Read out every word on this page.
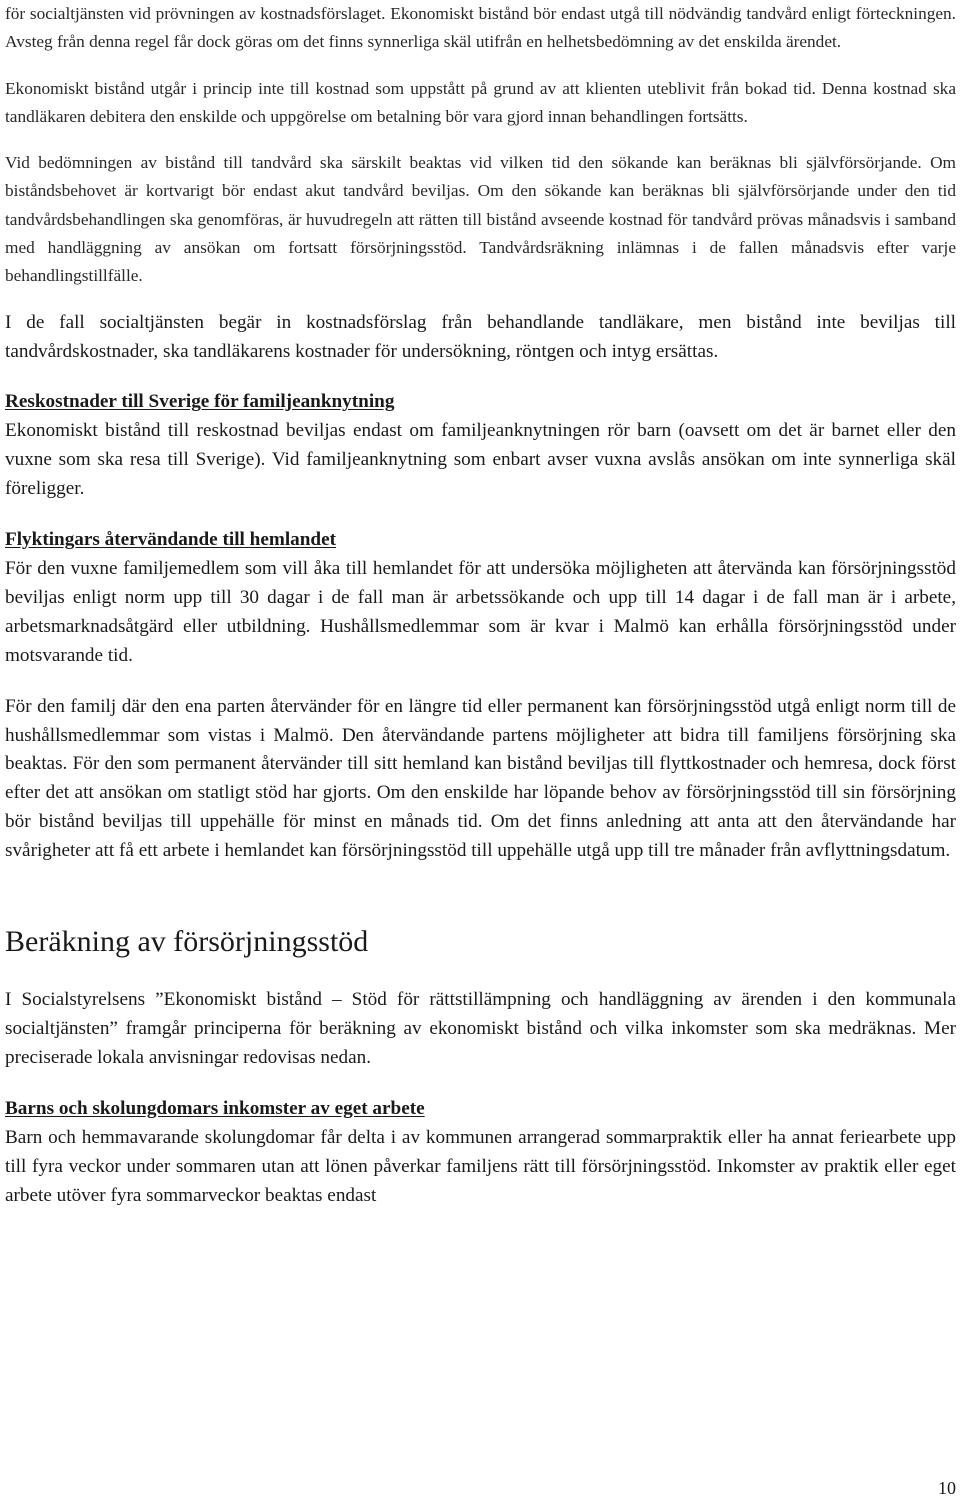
för socialtjänsten vid prövningen av kostnadsförslaget. Ekonomiskt bistånd bör endast utgå till nödvändig tandvård enligt förteckningen. Avsteg från denna regel får dock göras om det finns synnerliga skäl utifrån en helhetsbedömning av det enskilda ärendet.

Ekonomiskt bistånd utgår i princip inte till kostnad som uppstått på grund av att klienten uteblivit från bokad tid. Denna kostnad ska tandläkaren debitera den enskilde och uppgörelse om betalning bör vara gjord innan behandlingen fortsätts.

Vid bedömningen av bistånd till tandvård ska särskilt beaktas vid vilken tid den sökande kan beräknas bli självförsörjande. Om biståndsbehovet är kortvarigt bör endast akut tandvård beviljas. Om den sökande kan beräknas bli självförsörjande under den tid tandvårdsbehandlingen ska genomföras, är huvudregeln att rätten till bistånd avseende kostnad för tandvård prövas månadsvis i samband med handläggning av ansökan om fortsatt försörjningsstöd. Tandvårdsräkning inlämnas i de fallen månadsvis efter varje behandlingstillfälle.

I de fall socialtjänsten begär in kostnadsförslag från behandlande tandläkare, men bistånd inte beviljas till tandvårdskostnader, ska tandläkarens kostnader för undersökning, röntgen och intyg ersättas.

Reskostnader till Sverige för familjeanknytning

Ekonomiskt bistånd till reskostnad beviljas endast om familjeanknytningen rör barn (oavsett om det är barnet eller den vuxne som ska resa till Sverige). Vid familjeanknytning som enbart avser vuxna avslås ansökan om inte synnerliga skäl föreligger.

Flyktingars återvändande till hemlandet

För den vuxne familjemedlem som vill åka till hemlandet för att undersöka möjligheten att återvända kan försörjningsstöd beviljas enligt norm upp till 30 dagar i de fall man är arbetssökande och upp till 14 dagar i de fall man är i arbete, arbetsmarknadsåtgärd eller utbildning. Hushållsmedlemmar som är kvar i Malmö kan erhålla försörjningsstöd under motsvarande tid.

För den familj där den ena parten återvänder för en längre tid eller permanent kan försörjningsstöd utgå enligt norm till de hushållsmedlemmar som vistas i Malmö. Den återvändande partens möjligheter att bidra till familjens försörjning ska beaktas. För den som permanent återvänder till sitt hemland kan bistånd beviljas till flyttkostnader och hemresa, dock först efter det att ansökan om statligt stöd har gjorts. Om den enskilde har löpande behov av försörjningsstöd till sin försörjning bör bistånd beviljas till uppehälle för minst en månads tid. Om det finns anledning att anta att den återvändande har svårigheter att få ett arbete i hemlandet kan försörjningsstöd till uppehälle utgå upp till tre månader från avflyttningsdatum.

Beräkning av försörjningsstöd

I Socialstyrelsens ”Ekonomiskt bistånd – Stöd för rättstillämpning och handläggning av ärenden i den kommunala socialtjänsten” framgår principerna för beräkning av ekonomiskt bistånd och vilka inkomster som ska medräknas. Mer preciserade lokala anvisningar redovisas nedan.

Barns och skolungdomars inkomster av eget arbete

Barn och hemmavarande skolungdomar får delta i av kommunen arrangerad sommarpraktik eller ha annat feriearbete upp till fyra veckor under sommaren utan att lönen påverkar familjens rätt till försörjningsstöd. Inkomster av praktik eller eget arbete utöver fyra sommarveckor beaktas endast

10
